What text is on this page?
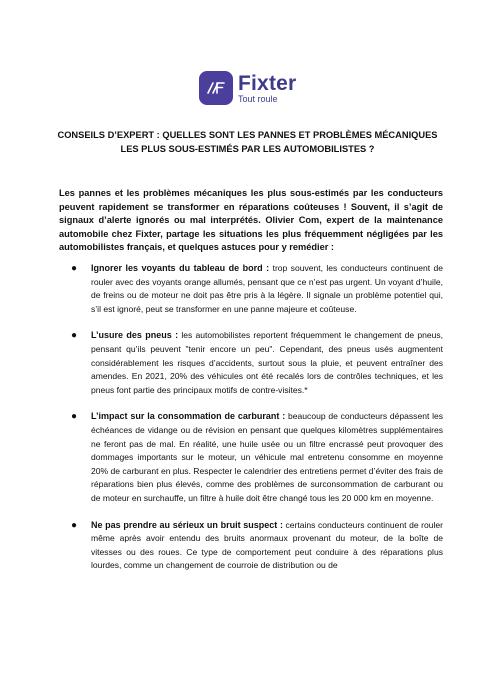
Fixter
Tout roule
CONSEILS D’EXPERT : QUELLES SONT LES PANNES ET PROBLÈMES MÉCANIQUES
LES PLUS SOUS-ESTIMÉS PAR LES AUTOMOBILISTES ?
Les pannes et les problèmes mécaniques les plus sous-estimés par les conducteurs peuvent rapidement se transformer en réparations coûteuses ! Souvent, il s’agit de signaux d’alerte ignorés ou mal interprétés. Olivier Com, expert de la maintenance automobile chez Fixter, partage les situations les plus fréquemment négligées par les automobilistes français, et quelques astuces pour y remédier :
● Ignorer les voyants du tableau de bord : trop souvent, les conducteurs continuent de rouler avec des voyants orange allumés, pensant que ce n’est pas urgent. Un voyant d’huile, de freins ou de moteur ne doit pas être pris à la légère. Il signale un problème potentiel qui, s’il est ignoré, peut se transformer en une panne majeure et coûteuse.
● L’usure des pneus : les automobilistes reportent fréquemment le changement de pneus, pensant qu’ils peuvent "tenir encore un peu". Cependant, des pneus usés augmentent considérablement les risques d’accidents, surtout sous la pluie, et peuvent entraîner des amendes. En 2021, 20% des véhicules ont été recalés lors de contrôles techniques, et les pneus font partie des principaux motifs de contre-visites.*
● L’impact sur la consommation de carburant : beaucoup de conducteurs dépassent les échéances de vidange ou de révision en pensant que quelques kilomètres supplémentaires ne feront pas de mal. En réalité, une huile usée ou un filtre encrassé peut provoquer des dommages importants sur le moteur, un véhicule mal entretenu consomme en moyenne 20% de carburant en plus. Respecter le calendrier des entretiens permet d’éviter des frais de réparations bien plus élevés, comme des problèmes de surconsommation de carburant ou de moteur en surchauffe, un filtre à huile doit être changé tous les 20 000 km en moyenne.
● Ne pas prendre au sérieux un bruit suspect : certains conducteurs continuent de rouler même après avoir entendu des bruits anormaux provenant du moteur, de la boîte de vitesses ou des roues. Ce type de comportement peut conduire à des réparations plus lourdes, comme un changement de courroie de distribution ou de
